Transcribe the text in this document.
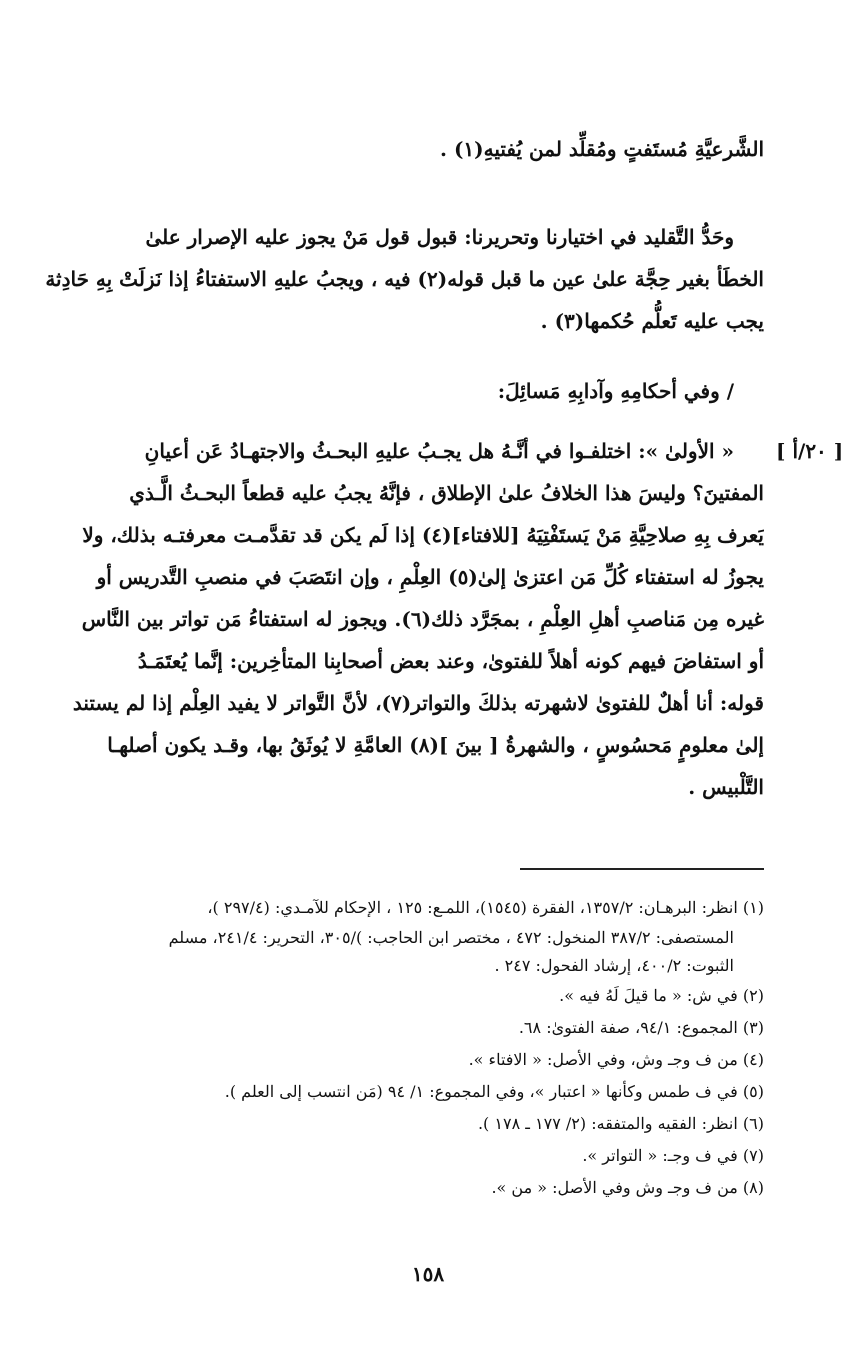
الشَّرعيَّةِ مُستَفتٍ ومُقلِّد لمن يُفتيهِ(١) .
وحَدُّ التَّقليد في اختيارنا وتحريرنا: قبول قول مَنْ يجوز عليه الإصرار علىٰ
الخطَأ بغير حِجَّة علىٰ عين ما قبل قوله(٢) فيه ، ويجبُ عليهِ الاستفتاءُ إذا نَزلَتْ بِهِ حَادِثة
يجب عليه تَعلُّم حُكمها(٣) .
/ وفي أحكامِهِ وآدابِهِ مَسائِلَ:
[ ٢٠/أ ]
« الأولىٰ »: اختلفـوا في أنَّـهُ هل يجـبُ عليهِ البحـثُ والاجتهـادُ عَن أعيانِ
المفتينَ؟ وليسَ هذا الخلافُ علىٰ الإطلاق ، فإنَّهُ يجبُ عليه قطعاً البحـثُ الَّـذي
يَعرف بِهِ صلاحِيَّةِ مَنْ يَستَفْتِيَهُ [للافتاء](٤) إذا لَم يكن قد تقدَّمـت معرفتـه بذلك، ولا
يجوزُ له استفتاء كُلِّ مَن اعتزىٰ إلىٰ(٥) العِلْمِ ، وإن انتَصَبَ في منصبِ التَّدريس أو
غيره مِن مَناصبِ أهلِ العِلْمِ ، بمجَرَّد ذلك(٦). ويجوز له استفتاءُ مَن تواتر بين النَّاس
أو استفاضَ فيهم كونه أهلاً للفتوىٰ، وعند بعض أصحابِنا المتأخِرين: إنَّما يُعتَمَـدُ
قوله: أنا أهلٌ للفتوىٰ لاشهرته بذلكَ والتواتر(٧)، لأنَّ التَّواتر لا يفيد العِلْم إذا لم يستند
إلىٰ معلومٍ مَحسُوسٍ ، والشهرةُ [ بينَ ](٨) العامَّةِ لا يُوثَقُ بها، وقـد يكون أصلهـا
التَّلْبيس .
(١) انظر: البرهـان: ١٣٥٧/٢، الفقرة (١٥٤٥)، اللمـع: ١٢٥ ، الإحكام للآمـدي: (٢٩٧/٤ )،
المستصفى: ٣٨٧/٢ المنخول: ٤٧٢ ، مختصر ابن الحاجب: )/٣٠٥، التحرير: ٢٤١/٤، مسلم
الثبوت: ٤٠٠/٢، إرشاد الفحول: ٢٤٧ .
(٢) في ش: « ما قيلَ لَهُ فيه ».
(٣) المجموع: ٩٤/١، صفة الفتوىٰ: ٦٨.
(٤) من ف وجـ وش، وفي الأصل: « الافتاء ».
(٥) في ف طمس وكأنها « اعتبار »، وفي المجموع: ١/ ٩٤ (مَن انتسب إلى العلم ).
(٦) انظر: الفقيه والمتفقه: (٢/ ١٧٧ ـ ١٧٨ ).
(٧) في ف وجـ: « التواتر ».
(٨) من ف وجـ وش وفي الأصل: « من ».
١٥٨
